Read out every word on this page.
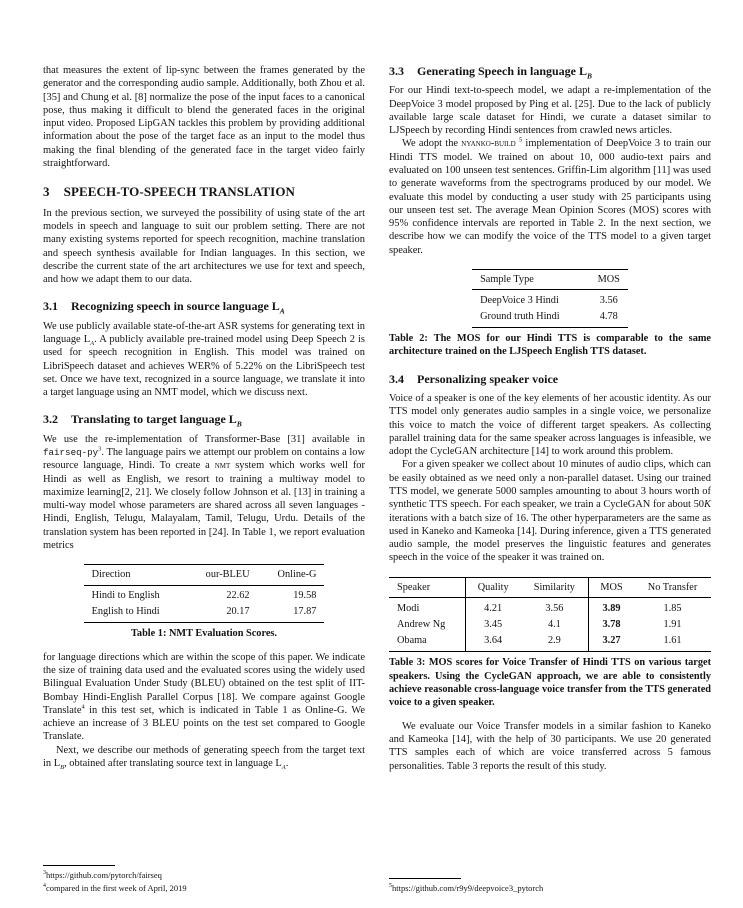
that measures the extent of lip-sync between the frames generated by the generator and the corresponding audio sample. Additionally, both Zhou et al. [35] and Chung et al. [8] normalize the pose of the input faces to a canonical pose, thus making it difficult to blend the generated faces in the original input video. Proposed LipGAN tackles this problem by providing additional information about the pose of the target face as an input to the model thus making the final blending of the generated face in the target video fairly straightforward.

3 SPEECH-TO-SPEECH TRANSLATION

In the previous section, we surveyed the possibility of using state of the art models in speech and language to suit our problem setting. There are not many existing systems reported for speech recognition, machine translation and speech synthesis available for Indian languages. In this section, we describe the current state of the art architectures we use for text and speech, and how we adapt them to our data.

3.1 Recognizing speech in source language $L_A$

We use publicly available state-of-the-art ASR systems for generating text in language $L_A$. A publicly available pre-trained model using Deep Speech 2 is used for speech recognition in English. This model was trained on LibriSpeech dataset and achieves WER% of 5.22% on the LibriSpeech test set. Once we have text, recognized in a source language, we translate it into a target language using an NMT model, which we discuss next.

3.2 Translating to target language $L_B$

We use the re-implementation of Transformer-Base [31] available in fairseq-$py^3$. The language pairs we attempt our problem on contains a low resource language, Hindi. To create a nmt system which works well for Hindi as well as English, we resort to training a multiway model to maximize learning[2, 21]. We closely follow Johnson et al. [13] in training a multi-way model whose parameters are shared across all seven languages - Hindi, English, Telugu, Malayalam, Tamil, Telugu, Urdu. Details of the translation system has been reported in [24]. In Table 1, we report evaluation metrics

Direction	our-BLEU	Online-G
Hindi to English	22.62	19.58
English to Hindi	20.17	17.87
Table 1: NMT Evaluation Scores.

for language directions which are within the scope of this paper. We indicate the size of training data used and the evaluated scores using the widely used Bilingual Evaluation Under Study (BLEU) obtained on the test split of IIT-Bombay Hindi-English Parallel Corpus [18]. We compare against Google Translate$^4$ in this test set, which is indicated in Table 1 as Online-G. We achieve an increase of 3 BLEU points on the test set compared to Google Translate.

Next, we describe our methods of generating speech from the target text in $L_B$, obtained after translating source text in language $L_A$.

$^3$https://github.com/pytorch/fairseq
$^4$compared in the first week of April, 2019
3.3 Generating Speech in language $L_B$

For our Hindi text-to-speech model, we adapt a re-implementation of the DeepVoice 3 model proposed by Ping et al. [25]. Due to the lack of publicly available large scale dataset for Hindi, we curate a dataset similar to LJSpeech by recording Hindi sentences from crawled news articles.

We adopt the nyanko-build $^5$ implementation of DeepVoice 3 to train our Hindi TTS model. We trained on about 10, 000 audio-text pairs and evaluated on 100 unseen test sentences. Griffin-Lim algorithm [11] was used to generate waveforms from the spectrograms produced by our model. We evaluate this model by conducting a user study with 25 participants using our unseen test set. The average Mean Opinion Scores (MOS) scores with 95% confidence intervals are reported in Table 2. In the next section, we describe how we can modify the voice of the TTS model to a given target speaker.

Sample Type	MOS
DeepVoice 3 Hindi	3.56
Ground truth Hindi	4.78
Table 2: The MOS for our Hindi TTS is comparable to the same architecture trained on the LJSpeech English TTS dataset.
3.4 Personalizing speaker voice

Voice of a speaker is one of the key elements of her acoustic identity. As our TTS model only generates audio samples in a single voice, we personalize this voice to match the voice of different target speakers. As collecting parallel training data for the same speaker across languages is infeasible, we adopt the CycleGAN architecture [14] to work around this problem.

For a given speaker we collect about 10 minutes of audio clips, which can be easily obtained as we need only a non-parallel dataset. Using our trained TTS model, we generate 5000 samples amounting to about 3 hours worth of synthetic TTS speech. For each speaker, we train a CycleGAN for about 50K iterations with a batch size of 16. The other hyperparameters are the same as used in Kaneko and Kameoka [14]. During inference, given a TTS generated audio sample, the model preserves the linguistic features and generates speech in the voice of the speaker it was trained on.

Speaker	Quality	Similarity	MOS	No Transfer
Modi	4.21	3.56	3.89	1.85
Andrew Ng	3.45	4.1	3.78	1.91
Obama	3.64	2.9	3.27	1.61
Table 3: MOS scores for Voice Transfer of Hindi TTS on various target speakers. Using the CycleGAN approach, we are able to consistently achieve reasonable cross-language voice transfer from the TTS generated voice to a given speaker.

We evaluate our Voice Transfer models in a similar fashion to Kaneko and Kameoka [14], with the help of 30 participants. We use 20 generated TTS samples each of which are voice transferred across 5 famous personalities. Table 3 reports the result of this study.

$^5$https://github.com/r9y9/deepvoice3_pytorch
